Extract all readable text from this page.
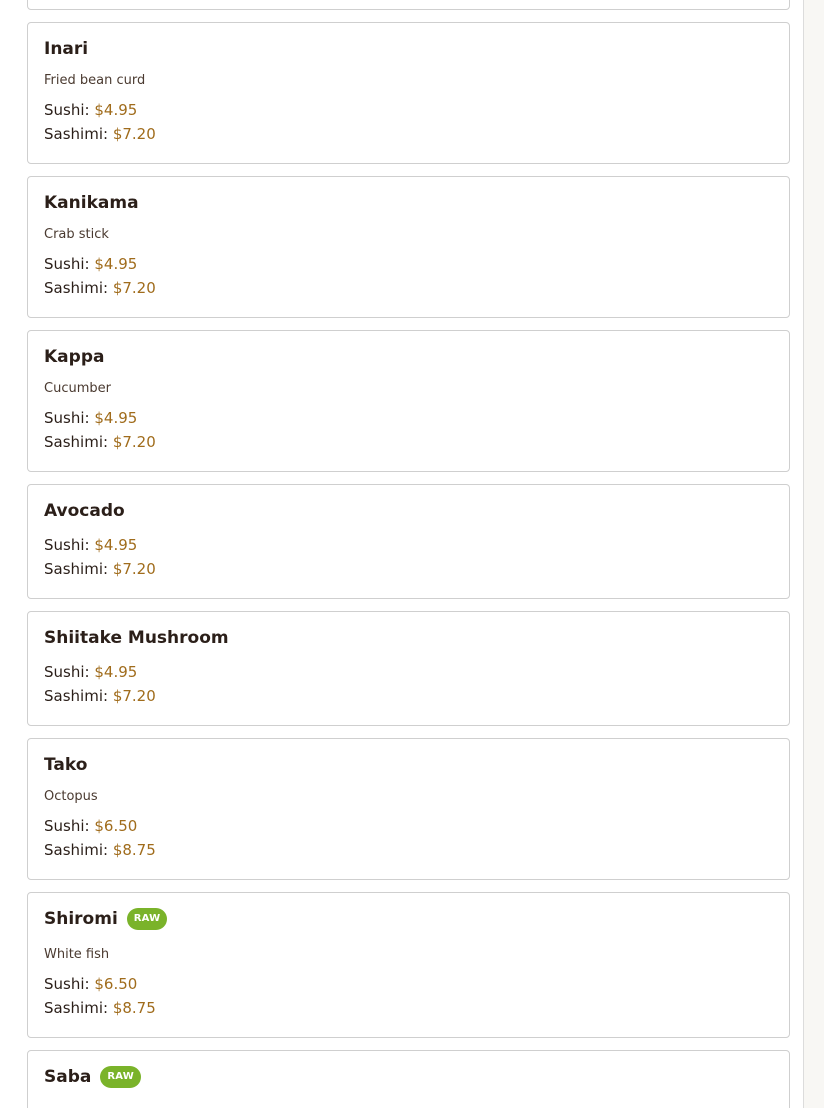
Inari
Fried bean curd
Sushi: $4.95
Sashimi: $7.20
Kanikama
Crab stick
Sushi: $4.95
Sashimi: $7.20
Kappa
Cucumber
Sushi: $4.95
Sashimi: $7.20
Avocado
Sushi: $4.95
Sashimi: $7.20
Shiitake Mushroom
Sushi: $4.95
Sashimi: $7.20
Tako
Octopus
Sushi: $6.50
Sashimi: $8.75
Shiromi	RAW
White fish
Sushi: $6.50
Sashimi: $8.75
Saba	RAW
